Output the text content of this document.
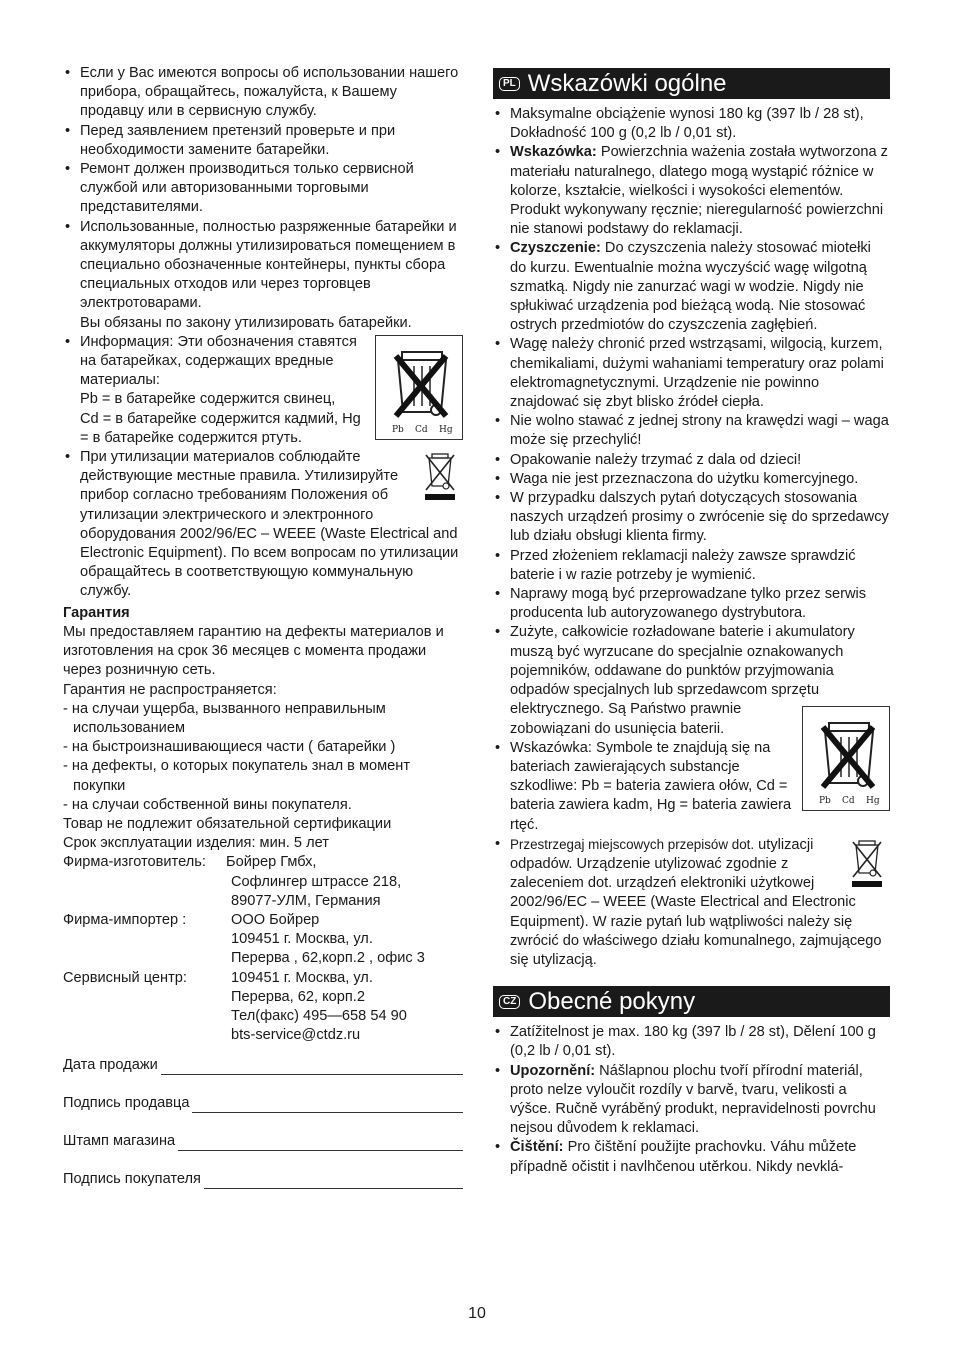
• Если у Вас имеются вопросы об использовании нашего прибора, обращайтесь, пожалуйста, к Вашему продавцу или в сервисную службу.
• Перед заявлением претензий проверьте и при необходимости замените батарейки.
• Ремонт должен производиться только сервисной службой или авторизованными торговыми представителями.
• Использованные, полностью разряженные батарейки и аккумуляторы должны утилизироваться помещением в специально обозначенные контейнеры, пункты сбора специальных отходов или через торговцев электротоварами.
Вы обязаны по закону утилизировать батарейки.
• Pb Cd Hg
Информация: Эти обозначения ставятся на батарейках, содержащих вредные материалы:
Pb = в батарейке содержится свинец,
Cd = в батарейке содержится кадмий, Hg = в батарейке содержится ртуть.
• При утилизации материалов соблюдайте действующие местные правила. Утилизируйте прибор согласно требованиям Положения об утилизации электрического и электронного оборудования 2002/96/EC – WEEE (Waste Electrical and Electronic Equipment). По всем вопросам по утилизации обращайтесь в соответствующую коммунальную службу.
Гарантия

Мы предоставляем гарантию на дефекты материалов и изготовления на срок 36 месяцев с момента продажи через розничную сеть.

Гарантия не распространяется:

- на случаи ущерба, вызванного неправильным использованием
- на быстроизнашивающиеся части ( батарейки )
- на дефекты, о которых покупатель знал в момент покупки
- на случаи собственной вины покупателя.

Товар не подлежит обязательной сертификации

Срок эксплуатации изделия: мин. 5 лет

Фирма-изготовитель:	Бойрер Гмбх,
Софлингер штрассе 218,
89077-УЛМ, Германия
Фирма-импортер :	ООО Бойрер
109451 г. Москва, ул.
Перерва , 62,корп.2 , офис 3
Сервисный центр:	109451 г. Москва, ул.
Перерва, 62, корп.2
Тел(факс) 495—658 54 90
bts-service@ctdz.ru
Дата продажи
Подпись продавца
Штамп магазина
Подпись покупателя
PL Wskazówki ogólne
• Maksymalne obciążenie wynosi 180 kg (397 lb / 28 st), Dokładność 100 g (0,2 lb / 0,01 st).
• Wskazówka: Powierzchnia ważenia została wytworzona z materiału naturalnego, dlatego mogą wystąpić różnice w kolorze, kształcie, wielkości i wysokości elementów. Produkt wykonywany ręcznie; nieregularność powierzchni nie stanowi podstawy do reklamacji.
• Czyszczenie: Do czyszczenia należy stosować miotełki do kurzu. Ewentualnie można wyczyścić wagę wilgotną szmatką. Nigdy nie zanurzać wagi w wodzie. Nigdy nie spłukiwać urządzenia pod bieżącą wodą. Nie stosować ostrych przedmiotów do czyszczenia zagłębień.
• Wagę należy chronić przed wstrząsami, wilgocią, kurzem, chemikaliami, dużymi wahaniami temperatury oraz polami elektromagnetycznymi. Urządzenie nie powinno znajdować się zbyt blisko źródeł ciepła.
• Nie wolno stawać z jednej strony na krawędzi wagi – waga może się przechylić!
• Opakowanie należy trzymać z dala od dzieci!
• Waga nie jest przeznaczona do użytku komercyjnego.
• W przypadku dalszych pytań dotyczących stosowania naszych urządzeń prosimy o zwrócenie się do sprzedawcy lub działu obsługi klienta firmy.
• Przed złożeniem reklamacji należy zawsze sprawdzić baterie i w razie potrzeby je wymienić.
• Naprawy mogą być przeprowadzane tylko przez serwis producenta lub autoryzowanego dystrybutora.
• Zużyte, całkowicie rozładowane baterie i akumulatory muszą być wyrzucane do specjalnie oznakowanych pojemników, oddawane do punktów przyjmowania odpadów specjalnych lub sprzedawcom sprzętu elektrycznego.
Pb Cd Hg
Są Państwo prawnie zobowiązani do usunięcia baterii.
• Wskazówka: Symbole te znajdują się na bateriach zawierających substancje szkodliwe: Pb = bateria zawiera ołów, Cd = bateria zawiera kadm, Hg = bateria zawiera rtęć.
• Przestrzegaj miejscowych przepisów dot. utylizacji odpadów. Urządzenie utylizować zgodnie z zaleceniem dot. urządzeń elektroniki użytkowej 2002/96/EC – WEEE (Waste Electrical and Electronic Equipment). W razie pytań lub wątpliwości należy się zwrócić do właściwego działu komunalnego, zajmującego się utylizacją.
CZ Obecné pokyny
• Zatížitelnost je max. 180 kg (397 lb / 28 st), Dělení 100 g (0,2 lb / 0,01 st).
• Upozornění: Nášlapnou plochu tvoří přírodní materiál, proto nelze vyloučit rozdíly v barvě, tvaru, velikosti a výšce. Ručně vyráběný produkt, nepravidelnosti povrchu nejsou důvodem k reklamaci.
• Čištění: Pro čištění použijte prachovku. Váhu můžete případně očistit i navlhčenou utěrkou. Nikdy nevklá-
10
